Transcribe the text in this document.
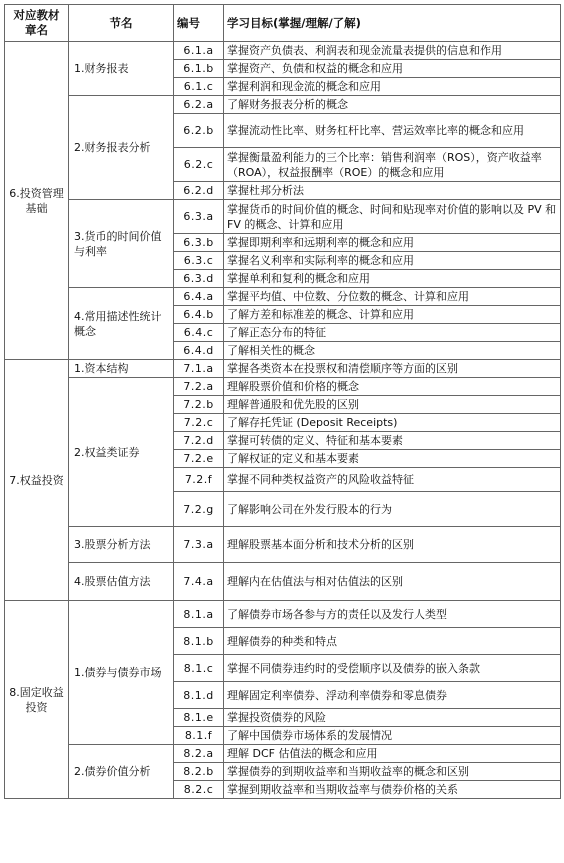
对应教材章名	节名	编号	学习目标(掌握/理解/了解)
6.投资管理基础	1.财务报表	6.1.a	掌握资产负债表、利润表和现金流量表提供的信息和作用
		6.1.b	掌握资产、负债和权益的概念和应用
		6.1.c	掌握利润和现金流的概念和应用
	2.财务报表分析	6.2.a	了解财务报表分析的概念
		6.2.b	掌握流动性比率、财务杠杆比率、营运效率比率的概念和应用
		6.2.c	掌握衡量盈利能力的三个比率：销售利润率（ROS），资产收益率（ROA），权益报酬率（ROE）的概念和应用
		6.2.d	掌握杜邦分析法
	3.货币的时间价值与利率	6.3.a	掌握货币的时间价值的概念、时间和贴现率对价值的影响以及 PV 和 FV 的概念、计算和应用
		6.3.b	掌握即期利率和远期利率的概念和应用
		6.3.c	掌握名义利率和实际利率的概念和应用
		6.3.d	掌握单利和复利的概念和应用
	4.常用描述性统计概念	6.4.a	掌握平均值、中位数、分位数的概念、计算和应用
		6.4.b	了解方差和标准差的概念、计算和应用
		6.4.c	了解正态分布的特征
		6.4.d	了解相关性的概念
7.权益投资	1.资本结构	7.1.a	掌握各类资本在投票权和清偿顺序等方面的区别
	2.权益类证券	7.2.a	理解股票价值和价格的概念
		7.2.b	理解普通股和优先股的区别
		7.2.c	了解存托凭证 (Deposit Receipts)
		7.2.d	掌握可转债的定义、特征和基本要素
		7.2.e	了解权证的定义和基本要素
		7.2.f	掌握不同种类权益资产的风险收益特征
		7.2.g	了解影响公司在外发行股本的行为
	3.股票分析方法	7.3.a	理解股票基本面分析和技术分析的区别
	4.股票估值方法	7.4.a	理解内在估值法与相对估值法的区别
8.固定收益投资	1.债券与债券市场	8.1.a	了解债券市场各参与方的责任以及发行人类型
		8.1.b	理解债券的种类和特点
		8.1.c	掌握不同债券违约时的受偿顺序以及债券的嵌入条款
		8.1.d	理解固定利率债券、浮动利率债券和零息债券
		8.1.e	掌握投资债券的风险
		8.1.f	了解中国债券市场体系的发展情况
	2.债券价值分析	8.2.a	理解 DCF 估值法的概念和应用
		8.2.b	掌握债券的到期收益率和当期收益率的概念和区别
		8.2.c	掌握到期收益率和当期收益率与债券价格的关系
